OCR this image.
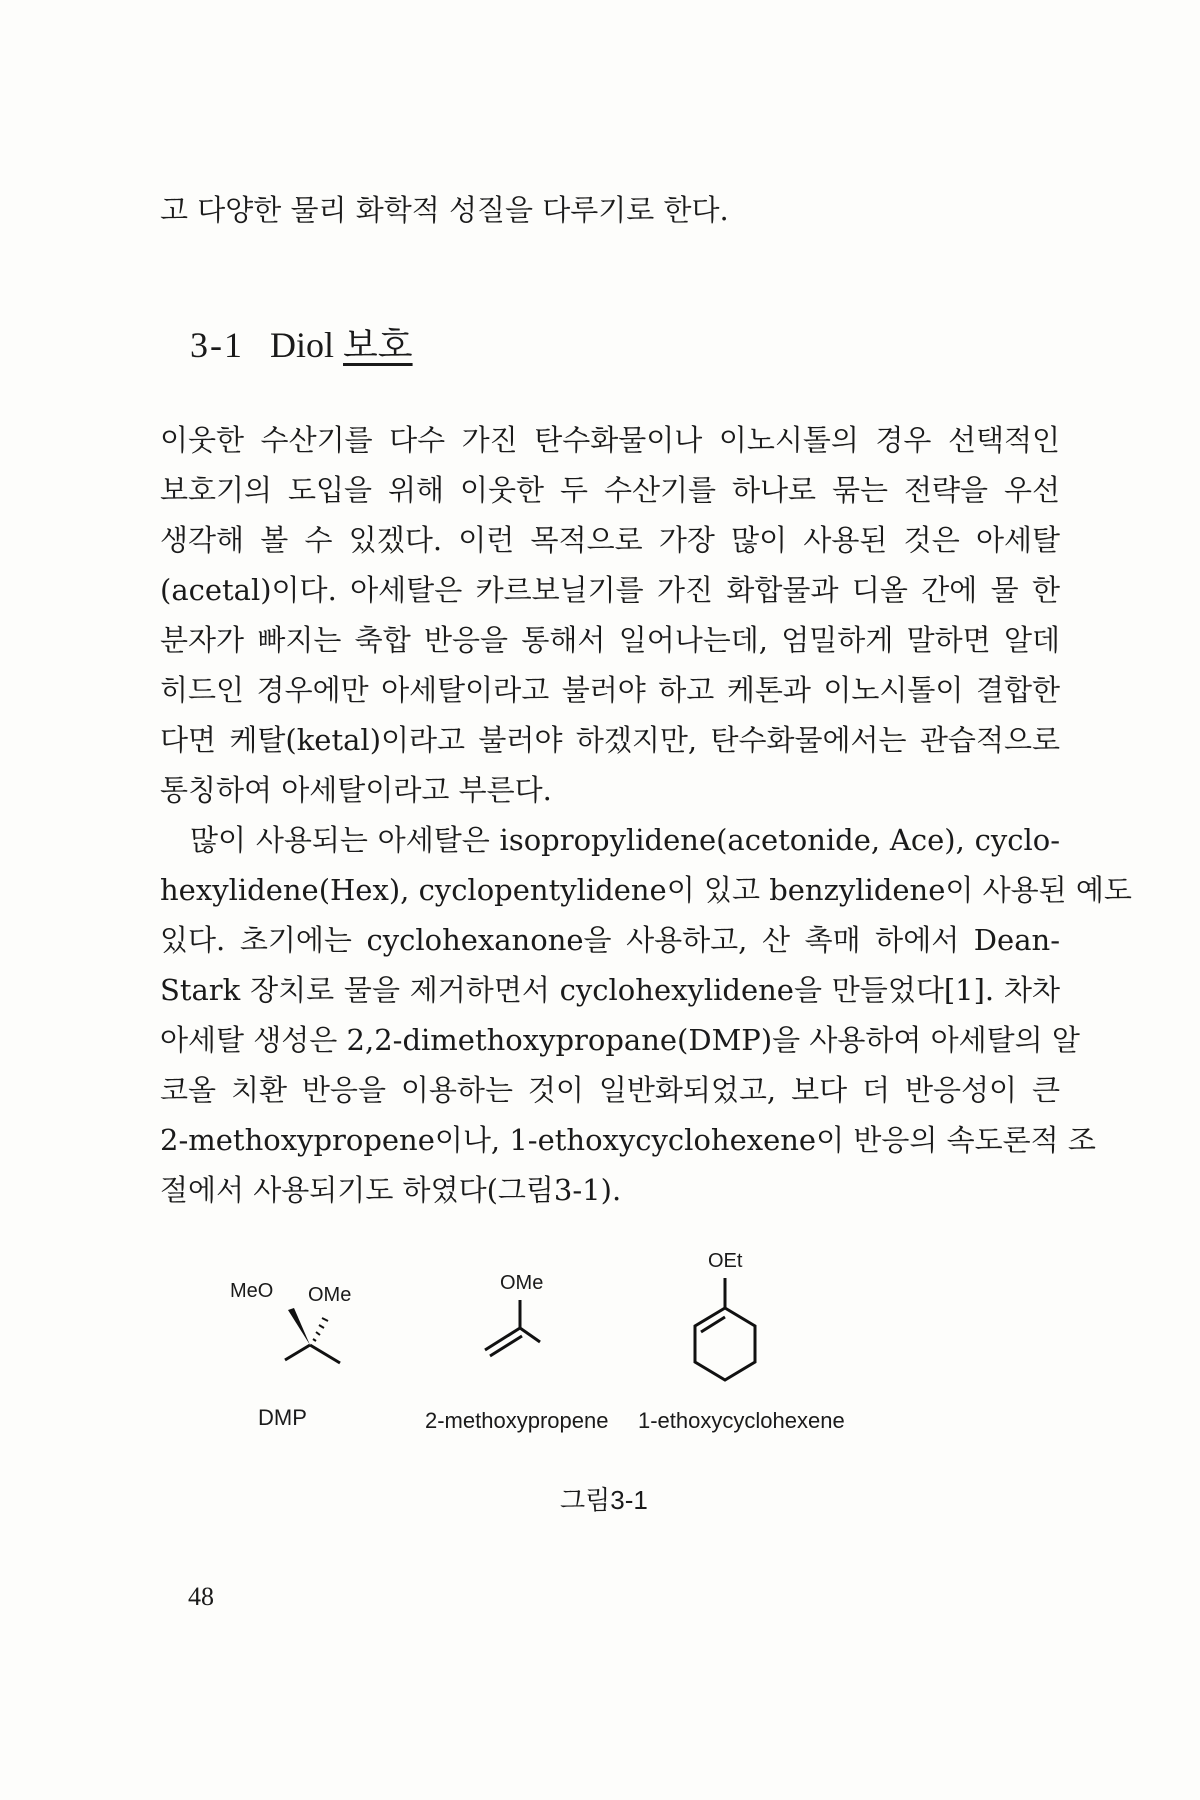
고 다양한 물리 화학적 성질을 다루기로 한다.
3-1 Diol 보호
이웃한 수산기를 다수 가진 탄수화물이나 이노시톨의 경우 선택적인
보호기의 도입을 위해 이웃한 두 수산기를 하나로 묶는 전략을 우선
생각해 볼 수 있겠다. 이런 목적으로 가장 많이 사용된 것은 아세탈
(acetal)이다. 아세탈은 카르보닐기를 가진 화합물과 디올 간에 물 한
분자가 빠지는 축합 반응을 통해서 일어나는데, 엄밀하게 말하면 알데
히드인 경우에만 아세탈이라고 불러야 하고 케톤과 이노시톨이 결합한
다면 케탈(ketal)이라고 불러야 하겠지만, 탄수화물에서는 관습적으로
통칭하여 아세탈이라고 부른다.
많이 사용되는 아세탈은 isopropylidene(acetonide, Ace), cyclo-
hexylidene(Hex), cyclopentylidene이 있고 benzylidene이 사용된 예도
있다. 초기에는 cyclohexanone을 사용하고, 산 촉매 하에서 Dean-
Stark 장치로 물을 제거하면서 cyclohexylidene을 만들었다[1]. 차차
아세탈 생성은 2,2-dimethoxypropane(DMP)을 사용하여 아세탈의 알
코올 치환 반응을 이용하는 것이 일반화되었고, 보다 더 반응성이 큰
2-methoxypropene이나, 1-ethoxycyclohexene이 반응의 속도론적 조
절에서 사용되기도 하였다(그림3-1).
MeO OMe
DMP
OMe
2-methoxypropene
OEt
1-ethoxycyclohexene
그림3-1
48
